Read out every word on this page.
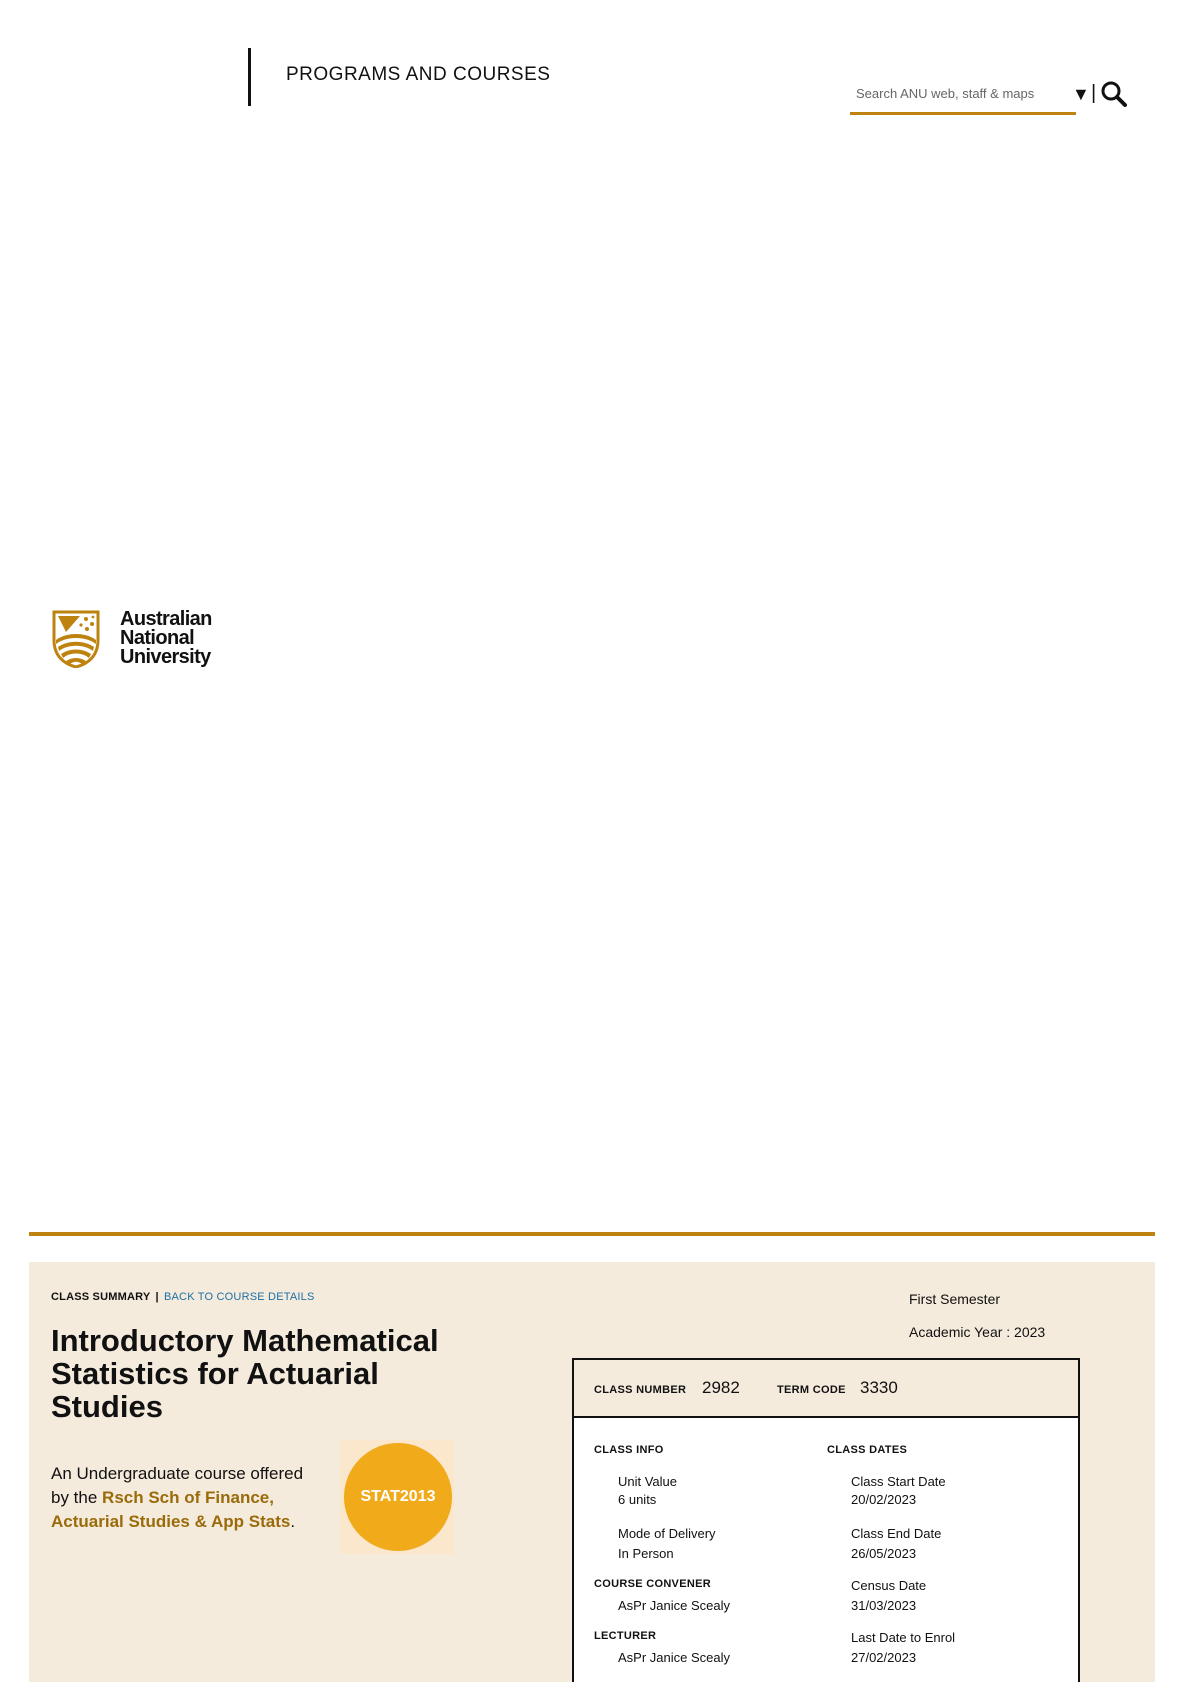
PROGRAMS AND COURSES
Search ANU web, staff & maps
▼ |
Australian
National
University
CLASS SUMMARY | BACK TO COURSE DETAILS
Introductory Mathematical Statistics for Actuarial Studies

An Undergraduate course offered by the Rsch Sch of Finance, Actuarial Studies & App Stats.

STAT2013
First Semester
Academic Year : 2023
CLASS NUMBER 2982	TERM CODE 3330
CLASS INFO
Unit Value
6 units
Mode of Delivery
In Person
COURSE CONVENER
AsPr Janice Scealy
LECTURER
AsPr Janice Scealy
CLASS DATES
Class Start Date
20/02/2023
Class End Date
26/05/2023
Census Date
31/03/2023
Last Date to Enrol
27/02/2023
